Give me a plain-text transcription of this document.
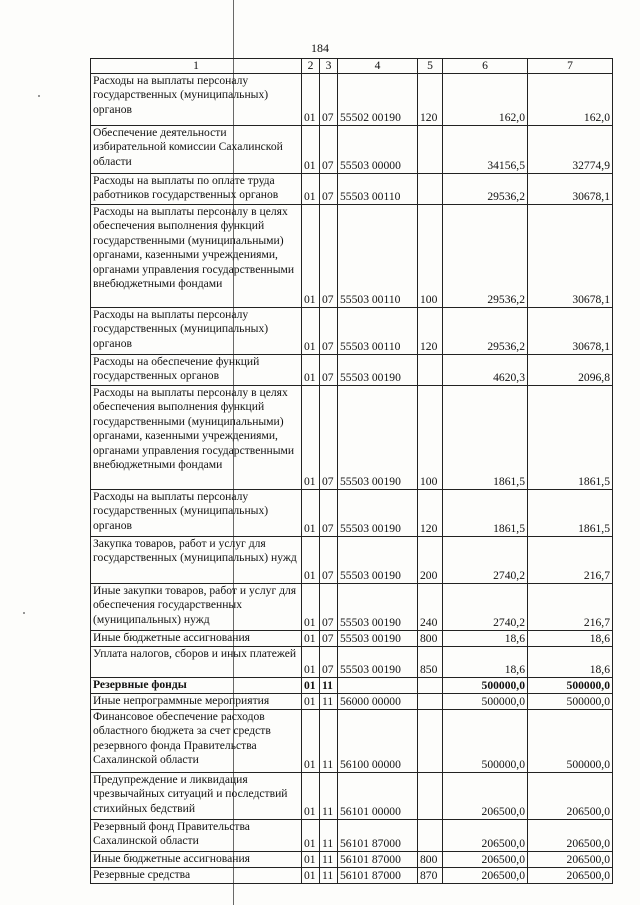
184
1	2	3	4	5	6	7
Расходы на выплаты персоналу государственных (муниципальных) органов	01	07	55502 00190	120	162,0	162,0
Обеспечение деятельности избирательной комиссии Сахалинской области	01	07	55503 00000		34156,5	32774,9
Расходы на выплаты по оплате труда работников государственных органов	01	07	55503 00110		29536,2	30678,1
Расходы на выплаты персоналу в целях обеспечения выполнения функций государственными (муниципальными) органами, казенными учреждениями, органами управления государственными внебюджетными фондами	01	07	55503 00110	100	29536,2	30678,1
Расходы на выплаты персоналу государственных (муниципальных) органов	01	07	55503 00110	120	29536,2	30678,1
Расходы на обеспечение функций государственных органов	01	07	55503 00190		4620,3	2096,8
Расходы на выплаты персоналу в целях обеспечения выполнения функций государственными (муниципальными) органами, казенными учреждениями, органами управления государственными внебюджетными фондами	01	07	55503 00190	100	1861,5	1861,5
Расходы на выплаты персоналу государственных (муниципальных) органов	01	07	55503 00190	120	1861,5	1861,5
Закупка товаров, работ и услуг для государственных (муниципальных) нужд	01	07	55503 00190	200	2740,2	216,7
Иные закупки товаров, работ и услуг для обеспечения государственных (муниципальных) нужд	01	07	55503 00190	240	2740,2	216,7
Иные бюджетные ассигнования	01	07	55503 00190	800	18,6	18,6
Уплата налогов, сборов и иных платежей	01	07	55503 00190	850	18,6	18,6
Резервные фонды	01	11			500000,0	500000,0
Иные непрограммные мероприятия	01	11	56000 00000		500000,0	500000,0
Финансовое обеспечение расходов областного бюджета за счет средств резервного фонда Правительства Сахалинской области	01	11	56100 00000		500000,0	500000,0
Предупреждение и ликвидация чрезвычайных ситуаций и последствий стихийных бедствий	01	11	56101 00000		206500,0	206500,0
Резервный фонд Правительства Сахалинской области	01	11	56101 87000		206500,0	206500,0
Иные бюджетные ассигнования	01	11	56101 87000	800	206500,0	206500,0
Резервные средства	01	11	56101 87000	870	206500,0	206500,0
